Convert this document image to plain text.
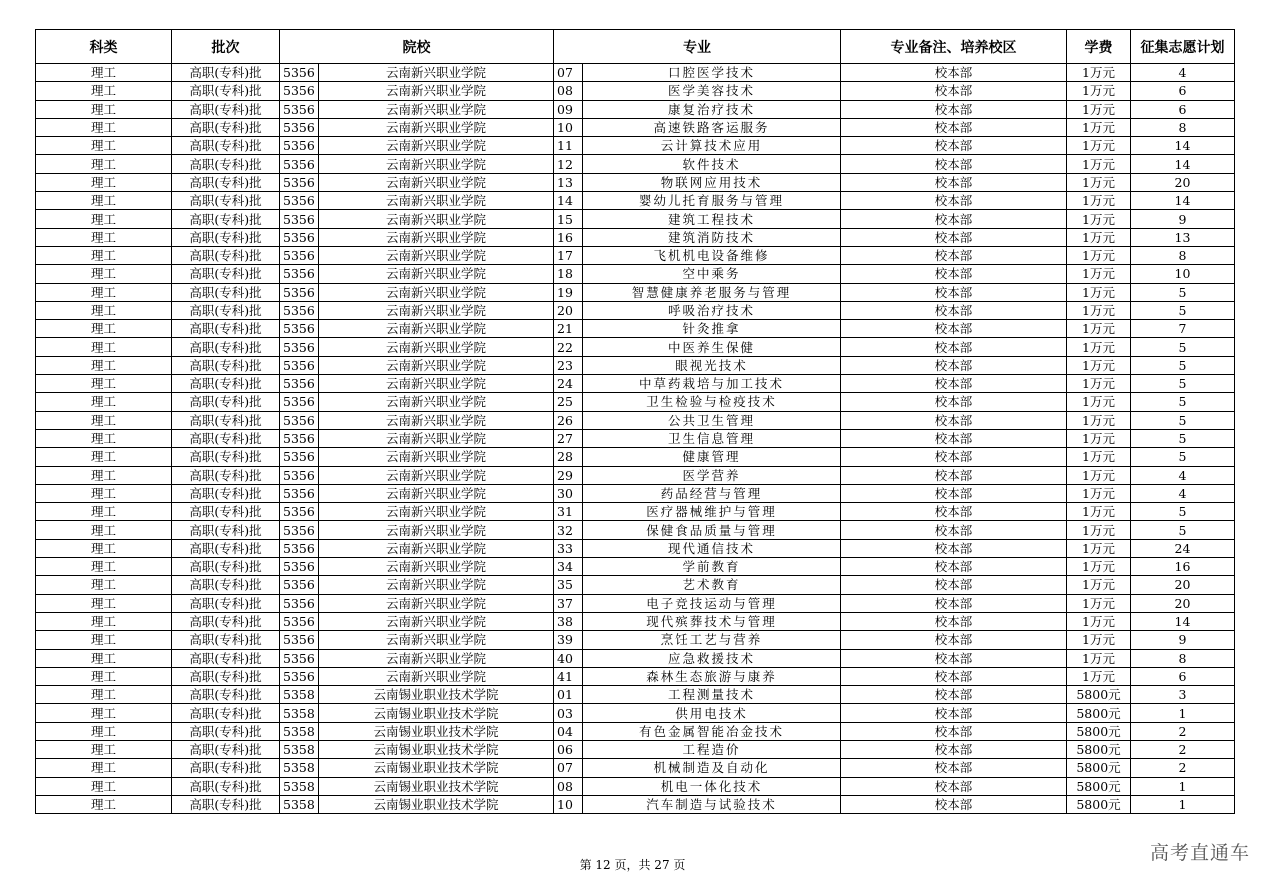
科类	批次	院校		专业		专业备注、培养校区	学费	征集志愿计划
理工	高职(专科)批	5356	云南新兴职业学院	07	口腔医学技术	校本部	1万元	4
理工	高职(专科)批	5356	云南新兴职业学院	08	医学美容技术	校本部	1万元	6
理工	高职(专科)批	5356	云南新兴职业学院	09	康复治疗技术	校本部	1万元	6
理工	高职(专科)批	5356	云南新兴职业学院	10	高速铁路客运服务	校本部	1万元	8
理工	高职(专科)批	5356	云南新兴职业学院	11	云计算技术应用	校本部	1万元	14
理工	高职(专科)批	5356	云南新兴职业学院	12	软件技术	校本部	1万元	14
理工	高职(专科)批	5356	云南新兴职业学院	13	物联网应用技术	校本部	1万元	20
理工	高职(专科)批	5356	云南新兴职业学院	14	婴幼儿托育服务与管理	校本部	1万元	14
理工	高职(专科)批	5356	云南新兴职业学院	15	建筑工程技术	校本部	1万元	9
理工	高职(专科)批	5356	云南新兴职业学院	16	建筑消防技术	校本部	1万元	13
理工	高职(专科)批	5356	云南新兴职业学院	17	飞机机电设备维修	校本部	1万元	8
理工	高职(专科)批	5356	云南新兴职业学院	18	空中乘务	校本部	1万元	10
理工	高职(专科)批	5356	云南新兴职业学院	19	智慧健康养老服务与管理	校本部	1万元	5
理工	高职(专科)批	5356	云南新兴职业学院	20	呼吸治疗技术	校本部	1万元	5
理工	高职(专科)批	5356	云南新兴职业学院	21	针灸推拿	校本部	1万元	7
理工	高职(专科)批	5356	云南新兴职业学院	22	中医养生保健	校本部	1万元	5
理工	高职(专科)批	5356	云南新兴职业学院	23	眼视光技术	校本部	1万元	5
理工	高职(专科)批	5356	云南新兴职业学院	24	中草药栽培与加工技术	校本部	1万元	5
理工	高职(专科)批	5356	云南新兴职业学院	25	卫生检验与检疫技术	校本部	1万元	5
理工	高职(专科)批	5356	云南新兴职业学院	26	公共卫生管理	校本部	1万元	5
理工	高职(专科)批	5356	云南新兴职业学院	27	卫生信息管理	校本部	1万元	5
理工	高职(专科)批	5356	云南新兴职业学院	28	健康管理	校本部	1万元	5
理工	高职(专科)批	5356	云南新兴职业学院	29	医学营养	校本部	1万元	4
理工	高职(专科)批	5356	云南新兴职业学院	30	药品经营与管理	校本部	1万元	4
理工	高职(专科)批	5356	云南新兴职业学院	31	医疗器械维护与管理	校本部	1万元	5
理工	高职(专科)批	5356	云南新兴职业学院	32	保健食品质量与管理	校本部	1万元	5
理工	高职(专科)批	5356	云南新兴职业学院	33	现代通信技术	校本部	1万元	24
理工	高职(专科)批	5356	云南新兴职业学院	34	学前教育	校本部	1万元	16
理工	高职(专科)批	5356	云南新兴职业学院	35	艺术教育	校本部	1万元	20
理工	高职(专科)批	5356	云南新兴职业学院	37	电子竞技运动与管理	校本部	1万元	20
理工	高职(专科)批	5356	云南新兴职业学院	38	现代殡葬技术与管理	校本部	1万元	14
理工	高职(专科)批	5356	云南新兴职业学院	39	烹饪工艺与营养	校本部	1万元	9
理工	高职(专科)批	5356	云南新兴职业学院	40	应急救援技术	校本部	1万元	8
理工	高职(专科)批	5356	云南新兴职业学院	41	森林生态旅游与康养	校本部	1万元	6
理工	高职(专科)批	5358	云南锡业职业技术学院	01	工程测量技术	校本部	5800元	3
理工	高职(专科)批	5358	云南锡业职业技术学院	03	供用电技术	校本部	5800元	1
理工	高职(专科)批	5358	云南锡业职业技术学院	04	有色金属智能冶金技术	校本部	5800元	2
理工	高职(专科)批	5358	云南锡业职业技术学院	06	工程造价	校本部	5800元	2
理工	高职(专科)批	5358	云南锡业职业技术学院	07	机械制造及自动化	校本部	5800元	2
理工	高职(专科)批	5358	云南锡业职业技术学院	08	机电一体化技术	校本部	5800元	1
理工	高职(专科)批	5358	云南锡业职业技术学院	10	汽车制造与试验技术	校本部	5800元	1
第 12 页，共 27 页
高考直通车
